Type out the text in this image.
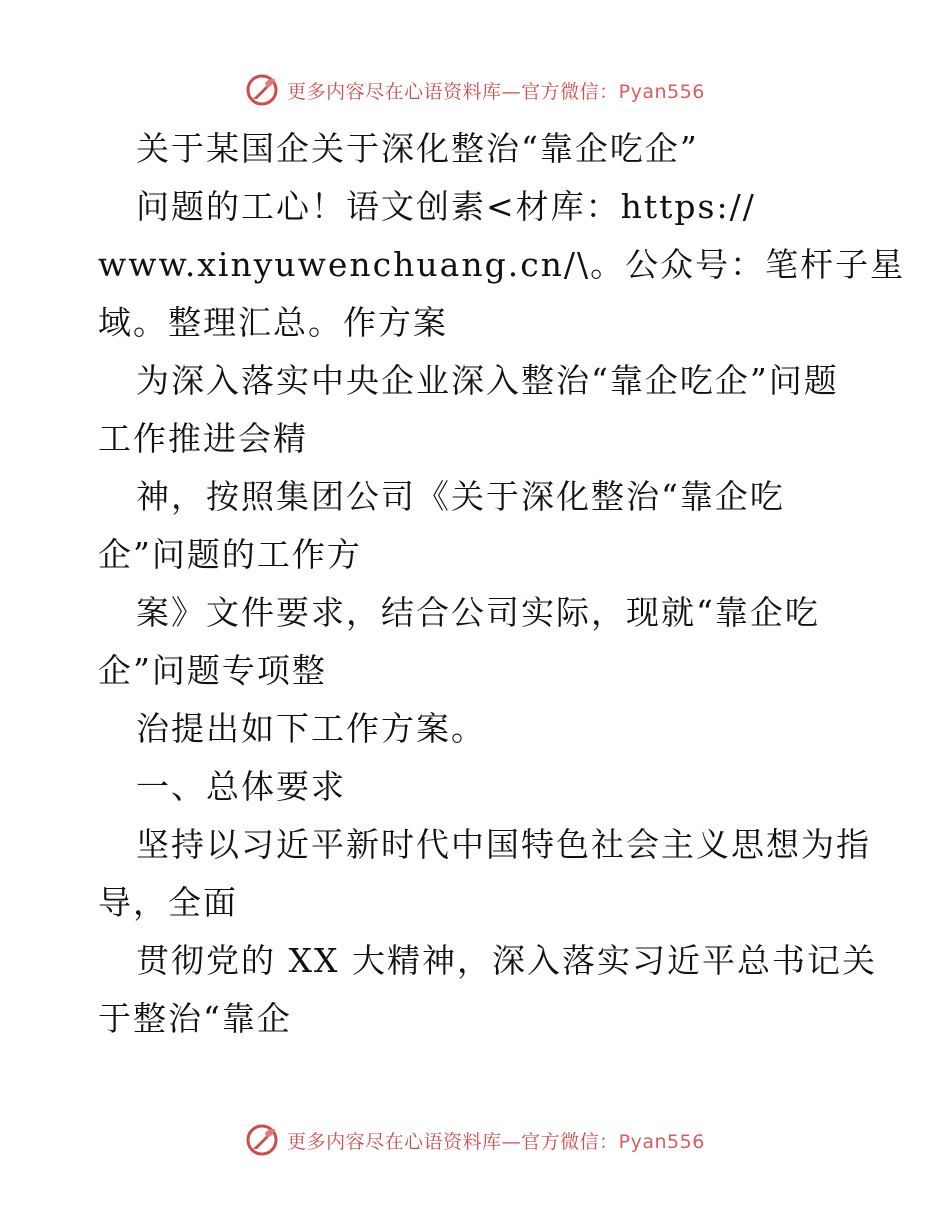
更多内容尽在心语资料库—官方微信：Pyan556
关于某国企关于深化整治“靠企吃企”
问题的工心！语文创素<材库：https://
www.xinyuwenchuang.cn/\。公众号：笔杆子星
域。整理汇总。作方案
为深入落实中央企业深入整治“靠企吃企”问题
工作推进会精
神，按照集团公司《关于深化整治“靠企吃
企”问题的工作方
案》文件要求，结合公司实际，现就“靠企吃
企”问题专项整
治提出如下工作方案。
一、总体要求
坚持以习近平新时代中国特色社会主义思想为指
导，全面
贯彻党的 XX 大精神，深入落实习近平总书记关
于整治“靠企
更多内容尽在心语资料库—官方微信：Pyan556
